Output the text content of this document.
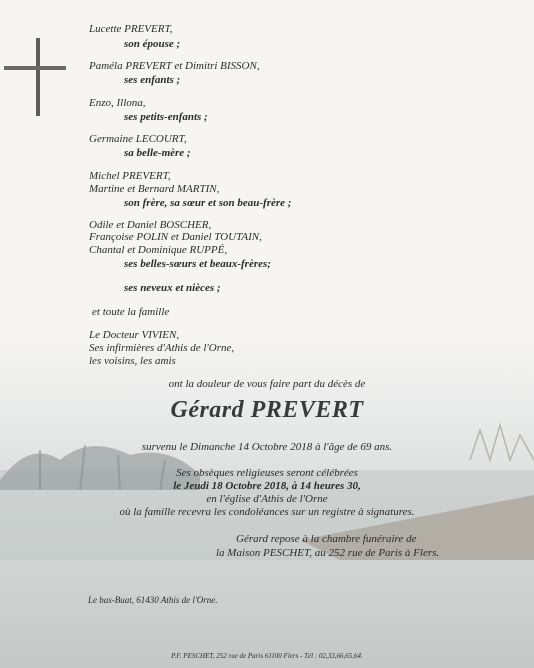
Lucette PREVERT,
son épouse ;
Paméla PREVERT et Dimitri BISSON,
ses enfants ;
Enzo, Illona,
ses petits-enfants ;
Germaine LECOURT,
sa belle-mère ;
Michel PREVERT,
Martine et Bernard MARTIN,
son frère, sa sœur et son beau-frère ;
Odile et Daniel BOSCHER,
Françoise POLIN et Daniel TOUTAIN,
Chantal et Dominique RUPPÉ,
ses belles-sœurs et beaux-frères;
ses neveux et nièces ;
et toute la famille
Le Docteur VIVIEN,
Ses infirmières d'Athis de l'Orne,
les voisins, les amis
ont la douleur de vous faire part du décès de
Gérard PREVERT
survenu le Dimanche 14 Octobre 2018 à l'âge de 69 ans.
Ses obsèques religieuses seront célébrées
le Jeudi 18 Octobre 2018, à 14 heures 30,
en l'église d'Athis de l'Orne
où la famille recevra les condoléances sur un registre à signatures.
Gérard repose à la chambre funéraire de
la Maison PESCHET, au 252 rue de Paris à Flers.
Le bas-Buat, 61430 Athis de l'Orne.
P.F. PESCHET, 252 rue de Paris 61100 Flers - Tél : 02,33,66,65,64.
